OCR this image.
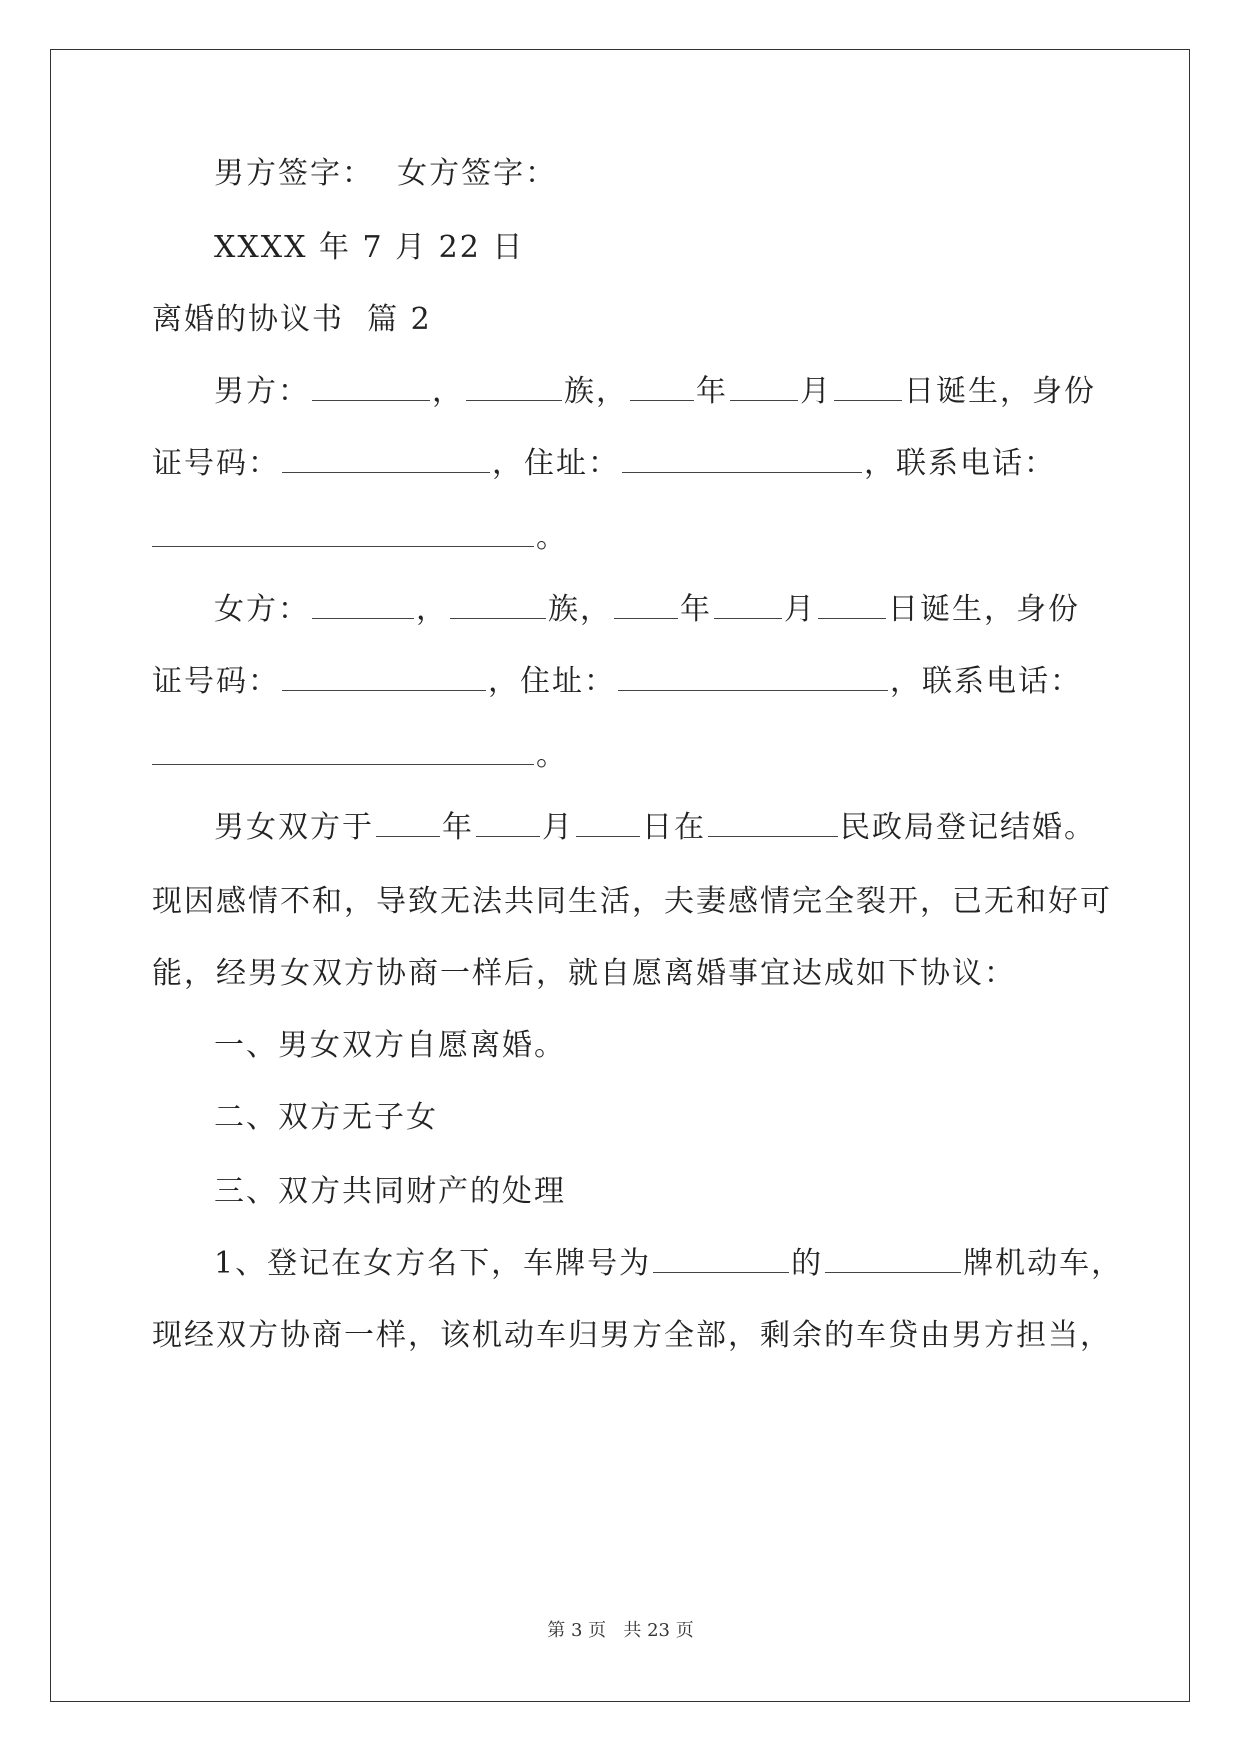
男方签字：  女方签字：
XXXX 年 7 月 22 日
离婚的协议书  篇 2
男方：	，	族， 年 月 日诞生，身份
证号码：	，住址：	，联系电话：
。
女方：	，	族， 年 月 日诞生，身份
证号码：	，住址：	，联系电话：
。
男女双方于 年 月 日在	民政局登记结婚。
现因感情不和，导致无法共同生活，夫妻感情完全裂开，已无和好可
能，经男女双方协商一样后，就自愿离婚事宜达成如下协议：
一、男女双方自愿离婚。
二、双方无子女
三、双方共同财产的处理
1、登记在女方名下，车牌号为	的	牌机动车，
现经双方协商一样，该机动车归男方全部，剩余的车贷由男方担当，
第 3 页 共 23 页
